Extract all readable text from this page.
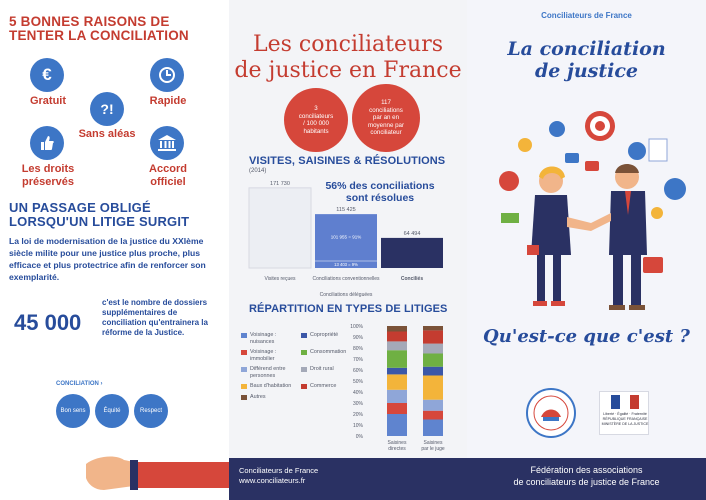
5 BONNES RAISONS DE
TENTER LA CONCILIATION
€
Gratuit	Rapide
?!
Sans aléas
Les droits
préservés
Accord
officiel
UN PASSAGE OBLIGÉ
LORSQU'UN LITIGE SURGIT
La loi de modernisation de la justice du XXIème siècle milite pour une justice plus proche, plus efficace et plus protectrice afin de renforcer son exemplarité.
45 000
c'est le nombre de dossiers supplémentaires de conciliation qu'entrainera la réforme de la Justice.
CONCILIATION ›
Bon sens	Équité	Respect
Les conciliateurs
de justice en France
3
conciliateurs
/ 100 000
habitants
117
conciliations
par an en
moyenne par
conciliateur
VISITES, SAISINES & RÉSOLUTIONS
(2014)
56% des conciliations
sont résolues
171 730
Visites reçues
115 425
Conciliations conventionnelles
64 494
Conciliés
101 955 = 91%
13 403 = 9%
Conciliations déléguées
RÉPARTITION EN TYPES DE LITIGES
Voisinage : nuisances
Copropriété
Voisinage : immobilier
Consommation
Différend entre personnes
Droit rural
Baux d'habitation	Commerce
Autres
100%
90%
80%
70%
60%
50%
40%
30%
20%
10%
0%
Saisines
directes
Saisines
par le juge
Conciliateurs de France
www.conciliateurs.fr
Conciliateurs de France
La conciliation
de justice
Qu'est-ce que c'est ?
Liberté · Égalité · Fraternité
RÉPUBLIQUE FRANÇAISE
MINISTÈRE DE LA JUSTICE
Fédération des associations
de conciliateurs de justice de France
